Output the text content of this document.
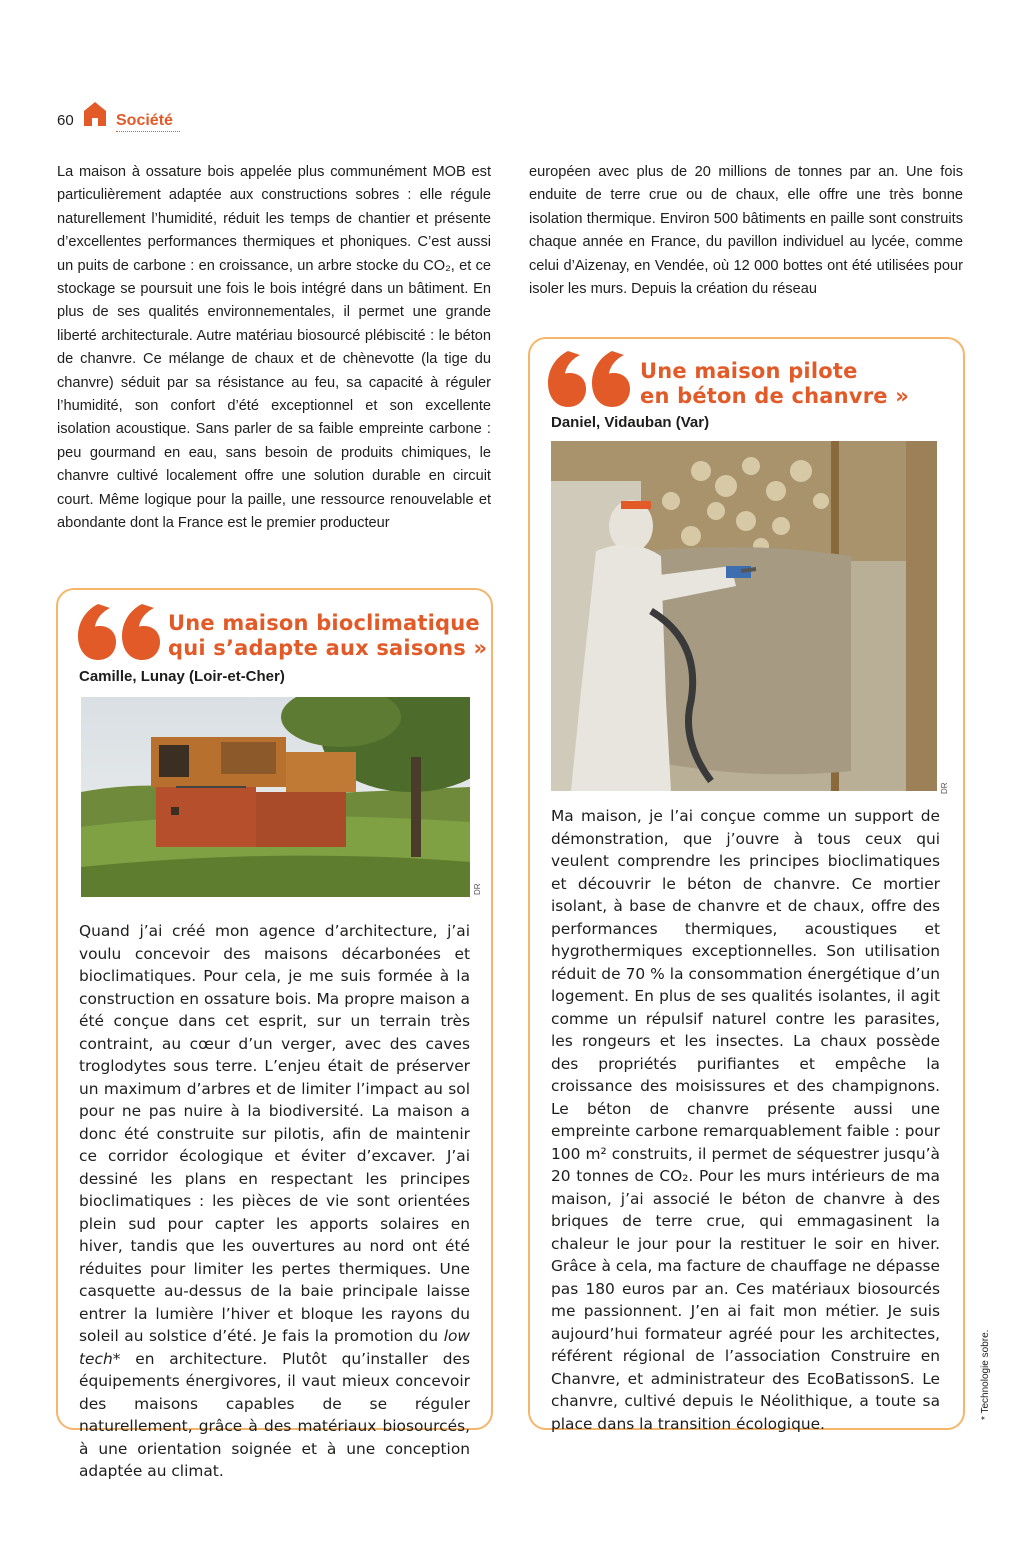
60	Société

La maison à ossature bois appelée plus communément MOB est particulièrement adaptée aux constructions sobres : elle régule naturellement l’humidité, réduit les temps de chantier et présente d’excellentes performances thermiques et phoniques. C’est aussi un puits de carbone : en croissance, un arbre stocke du CO₂, et ce stockage se poursuit une fois le bois intégré dans un bâtiment. En plus de ses qualités environnementales, il permet une grande liberté architecturale. Autre matériau biosourcé plébiscité : le béton de chanvre. Ce mélange de chaux et de chènevotte (la tige du chanvre) séduit par sa résistance au feu, sa capacité à réguler l’humidité, son confort d’été exceptionnel et son excellente isolation acoustique. Sans parler de sa faible empreinte carbone : peu gourmand en eau, sans besoin de produits chimiques, le chanvre cultivé localement offre une solution durable en circuit court. Même logique pour la paille, une ressource renouvelable et abondante dont la France est le premier producteur

européen avec plus de 20 millions de tonnes par an. Une fois enduite de terre crue ou de chaux, elle offre une très bonne isolation thermique. Environ 500 bâtiments en paille sont construits chaque année en France, du pavillon individuel au lycée, comme celui d’Aizenay, en Vendée, où 12 000 bottes ont été utilisées pour isoler les murs. Depuis la création du réseau

Une maison bioclimatique

qui s’adapte aux saisons »

Camille, Lunay (Loir-et-Cher)

DR

Quand j’ai créé mon agence d’architecture, j’ai voulu concevoir des maisons décarbonées et bioclimatiques. Pour cela, je me suis formée à la construction en ossature bois. Ma propre maison a été conçue dans cet esprit, sur un terrain très contraint, au cœur d’un verger, avec des caves troglodytes sous terre. L’enjeu était de préserver un maximum d’arbres et de limiter l’impact au sol pour ne pas nuire à la biodiversité. La maison a donc été construite sur pilotis, afin de maintenir ce corridor écologique et éviter d’excaver. J’ai dessiné les plans en respectant les principes bioclimatiques : les pièces de vie sont orientées plein sud pour capter les apports solaires en hiver, tandis que les ouvertures au nord ont été réduites pour limiter les pertes thermiques. Une casquette au-dessus de la baie principale laisse entrer la lumière l’hiver et bloque les rayons du soleil au solstice d’été. Je fais la promotion du low tech* en architecture. Plutôt qu’installer des équipements énergivores, il vaut mieux concevoir des maisons capables de se réguler naturellement, grâce à des matériaux biosourcés, à une orientation soignée et à une conception adaptée au climat.

Une maison pilote

en béton de chanvre »

Daniel, Vidauban (Var)

DR

Ma maison, je l’ai conçue comme un support de démonstration, que j’ouvre à tous ceux qui veulent comprendre les principes bioclimatiques et découvrir le béton de chanvre. Ce mortier isolant, à base de chanvre et de chaux, offre des performances thermiques, acoustiques et hygrothermiques exceptionnelles. Son utilisation réduit de 70 % la consommation énergétique d’un logement. En plus de ses qualités isolantes, il agit comme un répulsif naturel contre les parasites, les rongeurs et les insectes. La chaux possède des propriétés purifiantes et empêche la croissance des moisissures et des champignons. Le béton de chanvre présente aussi une empreinte carbone remarquablement faible : pour 100 m² construits, il permet de séquestrer jusqu’à 20 tonnes de CO₂. Pour les murs intérieurs de ma maison, j’ai associé le béton de chanvre à des briques de terre crue, qui emmagasinent la chaleur le jour pour la restituer le soir en hiver. Grâce à cela, ma facture de chauffage ne dépasse pas 180 euros par an. Ces matériaux biosourcés me passionnent. J’en ai fait mon métier. Je suis aujourd’hui formateur agréé pour les architectes, référent régional de l’association Construire en Chanvre, et administrateur des EcoBatissonS. Le chanvre, cultivé depuis le Néolithique, a toute sa place dans la transition écologique.

* Technologie sobre.
